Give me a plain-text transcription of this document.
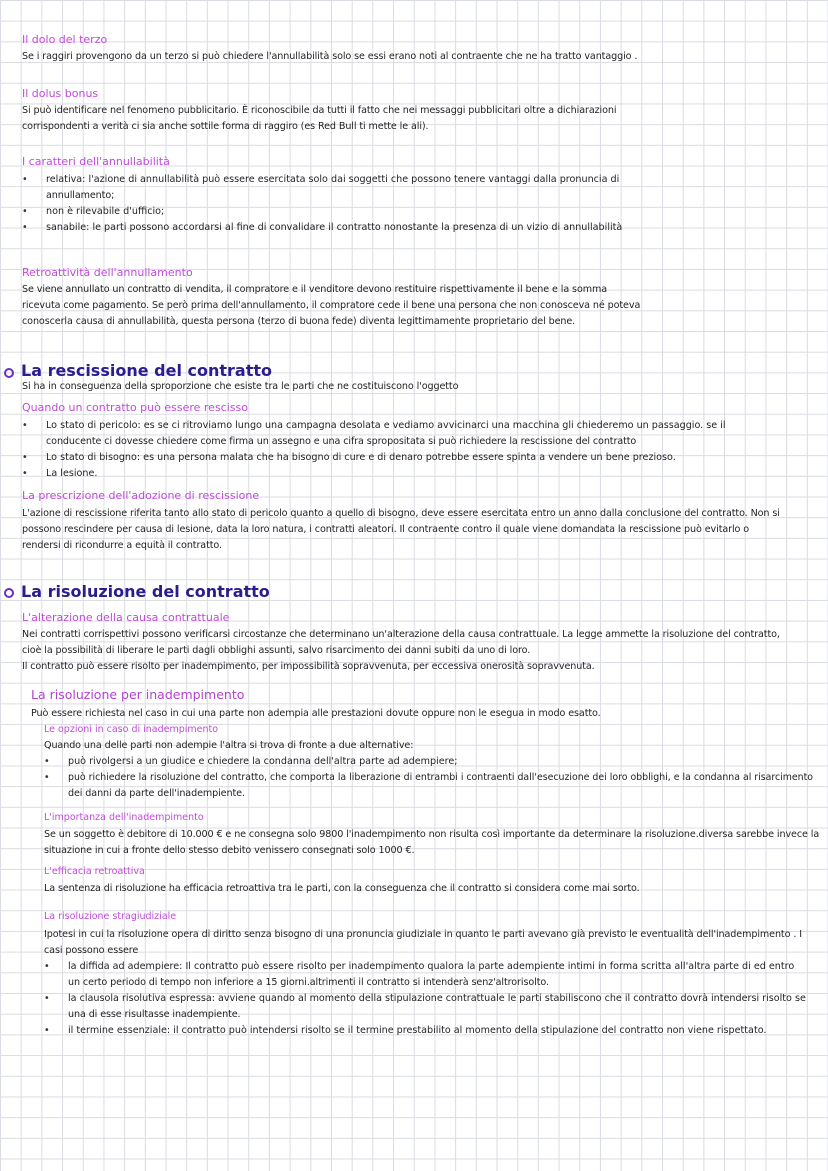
Il dolo del terzo
Se i raggiri provengono da un terzo si può chiedere l'annullabilità solo se essi erano noti al contraente che ne ha tratto vantaggio .
Il dolus bonus
Si può identificare nel fenomeno pubblicitario. È riconoscibile da tutti il fatto che nei messaggi pubblicitari oltre a dichiarazioni
corrispondenti a verità ci sia anche sottile forma di raggiro (es Red Bull ti mette le ali).
I caratteri dell'annullabilità
• relativa: l'azione di annullabilità può essere esercitata solo dai soggetti che possono tenere vantaggi dalla pronuncia di
annullamento;
• non è rilevabile d'ufficio;
• sanabile: le parti possono accordarsi al fine di convalidare il contratto nonostante la presenza di un vizio di annullabilità
Retroattività dell'annullamento
Se viene annullato un contratto di vendita, il compratore e il venditore devono restituire rispettivamente il bene e la somma
ricevuta come pagamento. Se però prima dell'annullamento, il compratore cede il bene una persona che non conosceva né poteva
conoscerla causa di annullabilità, questa persona (terzo di buona fede) diventa legittimamente proprietario del bene.
La rescissione del contratto
Si ha in conseguenza della sproporzione che esiste tra le parti che ne costituiscono l'oggetto
Quando un contratto può essere rescisso
• Lo stato di pericolo: es se ci ritroviamo lungo una campagna desolata e vediamo avvicinarci una macchina gli chiederemo un passaggio. se il
conducente ci dovesse chiedere come firma un assegno e una cifra spropositata si può richiedere la rescissione del contratto
• Lo stato di bisogno: es una persona malata che ha bisogno di cure e di denaro potrebbe essere spinta a vendere un bene prezioso.
• La lesione.
La prescrizione dell'adozione di rescissione
L'azione di rescissione riferita tanto allo stato di pericolo quanto a quello di bisogno, deve essere esercitata entro un anno dalla conclusione del contratto. Non si
possono rescindere per causa di lesione, data la loro natura, i contratti aleatori. Il contraente contro il quale viene domandata la rescissione può evitarlo o
rendersi di ricondurre a equità il contratto.
La risoluzione del contratto
L'alterazione della causa contrattuale
Nei contratti corrispettivi possono verificarsi circostanze che determinano un'alterazione della causa contrattuale. La legge ammette la risoluzione del contratto,
cioè la possibilità di liberare le parti dagli obblighi assunti, salvo risarcimento dei danni subiti da uno di loro.
Il contratto può essere risolto per inadempimento, per impossibilità sopravvenuta, per eccessiva onerosità sopravvenuta.
La risoluzione per inadempimento
Può essere richiesta nel caso in cui una parte non adempia alle prestazioni dovute oppure non le esegua in modo esatto.
Le opzioni in caso di inadempimento
Quando una delle parti non adempie l'altra si trova di fronte a due alternative:
• può rivolgersi a un giudice e chiedere la condanna dell'altra parte ad adempiere;
• può richiedere la risoluzione del contratto, che comporta la liberazione di entrambi i contraenti dall'esecuzione dei loro obblighi, e la condanna al risarcimento
dei danni da parte dell'inadempiente.
L'importanza dell'inadempimento
Se un soggetto è debitore di 10.000 € e ne consegna solo 9800 l'inadempimento non risulta così importante da determinare la risoluzione.diversa sarebbe invece la
situazione in cui a fronte dello stesso debito venissero consegnati solo 1000 €.
L'efficacia retroattiva
La sentenza di risoluzione ha efficacia retroattiva tra le parti, con la conseguenza che il contratto si considera come mai sorto.
La risoluzione stragiudiziale
Ipotesi in cui la risoluzione opera di diritto senza bisogno di una pronuncia giudiziale in quanto le parti avevano già previsto le eventualità dell'inadempimento . I
casi possono essere
• la diffida ad adempiere: Il contratto può essere risolto per inadempimento qualora la parte adempiente intimi in forma scritta all'altra parte di ed entro
un certo periodo di tempo non inferiore a 15 giorni.altrimenti il contratto si intenderà senz'altrorisolto.
• la clausola risolutiva espressa: avviene quando al momento della stipulazione contrattuale le parti stabiliscono che il contratto dovrà intendersi risolto se
una di esse risultasse inadempiente.
• il termine essenziale: il contratto può intendersi risolto se il termine prestabilito al momento della stipulazione del contratto non viene rispettato.
